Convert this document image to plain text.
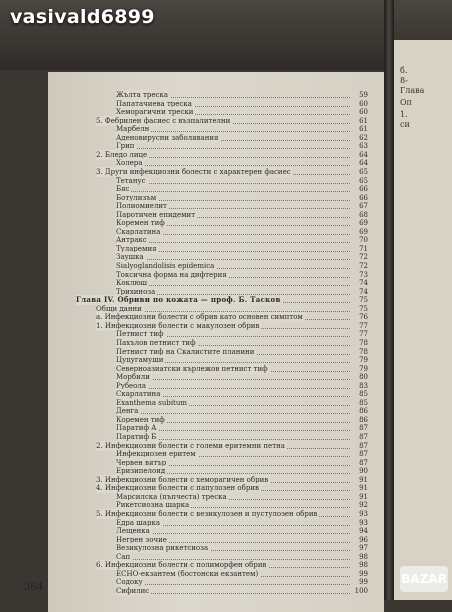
Жълта треска	59
Папатачиева треска	60
Хеморагични трески	60
5. Фебрилен фасиес с възпалителни	61
Марбелн	61
Аденовирусни заболявания	62
Грип	63
2. Бледо лице	64
Холера	64
3. Други инфекциозни болести с характерен фасиес	65
Тетанус	65
Бяс	66
Ботулизъм	66
Полиомиелит	67
Паротичен епидемит	68
Коремен тиф	69
Скарлатина	69
Антракс	70
Туларемия	71
Заушка	72
Sialyoglandolisis epidemica	72
Токсична форма на дифтерия	73
Коклюш	74
Трихиноза	74
Глава IV. Обриви по кожата — проф. Б. Тасков	75
Общи данни	75
а. Инфекциозни болести с обрив като основен симптом	76
1. Инфекциозни болести с макулозен обрив	77
Петнист тиф	77
Пахълов петнист тиф	78
Петнист тиф на Скалистите планини	78
Цуцугамуши	79
Северноазиатски кърлежов петнист тиф	79
Морбили	80
Рубеола	83
Скарлатина	85
Exanthema subitum	85
Денга	86
Коремен тиф	86
Паратиф А	87
Паратиф Б	87
2. Инфекциозни болести с големи еритемни петна	87
Инфекциозен еритем	87
Червен вятър	87
Еризипелоид	90
3. Инфекциозни болести с хеморагичен обрив	91
4. Инфекциозни болести с папулозен обрив	91
Марсилска (пъпчеста) треска	91
Рикетсиозна шарка	92
5. Инфекциозни болести с везикулозен и пустулозен обрив	93
Едра шарка	93
Лещенка	94
Негрен зочие	96
Везикулозна рикетсиоза	97
Сап	98
6. Инфекциозни болести с полиморфен обрив	98
ECHO-екзантем (бостонски екзантем)	99
Содоку	99
Сифилис	100
б.
8-
Глава
Оп
1.
си
vasivald6899
364
BAZAR
